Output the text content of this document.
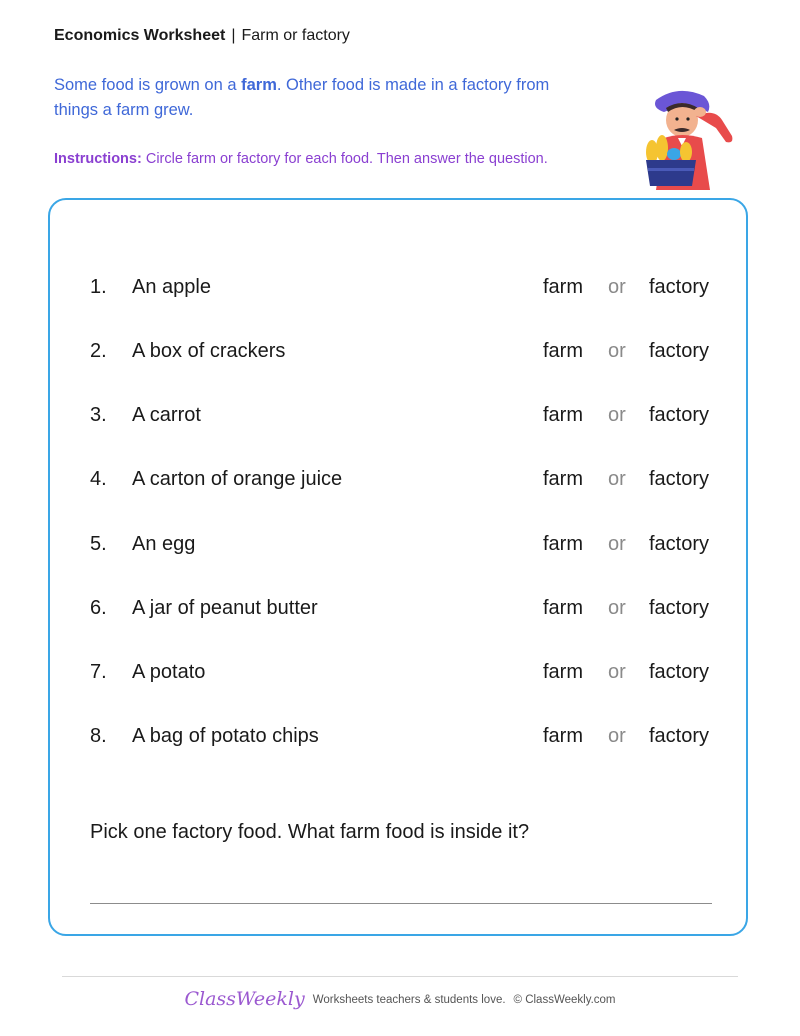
Economics Worksheet | Farm or factory
Some food is grown on a farm. Other food is made in a factory from things a farm grew.
Instructions: Circle farm or factory for each food. Then answer the question.
1. An apple	farm or factory
2. A box of crackers	farm or factory
3. A carrot	farm or factory
4. A carton of orange juice	farm or factory
5. An egg	farm or factory
6. A jar of peanut butter	farm or factory
7. A potato	farm or factory
8. A bag of potato chips	farm or factory
Pick one factory food. What farm food is inside it?
ClassWeekly Worksheets teachers & students love. © ClassWeekly.com
